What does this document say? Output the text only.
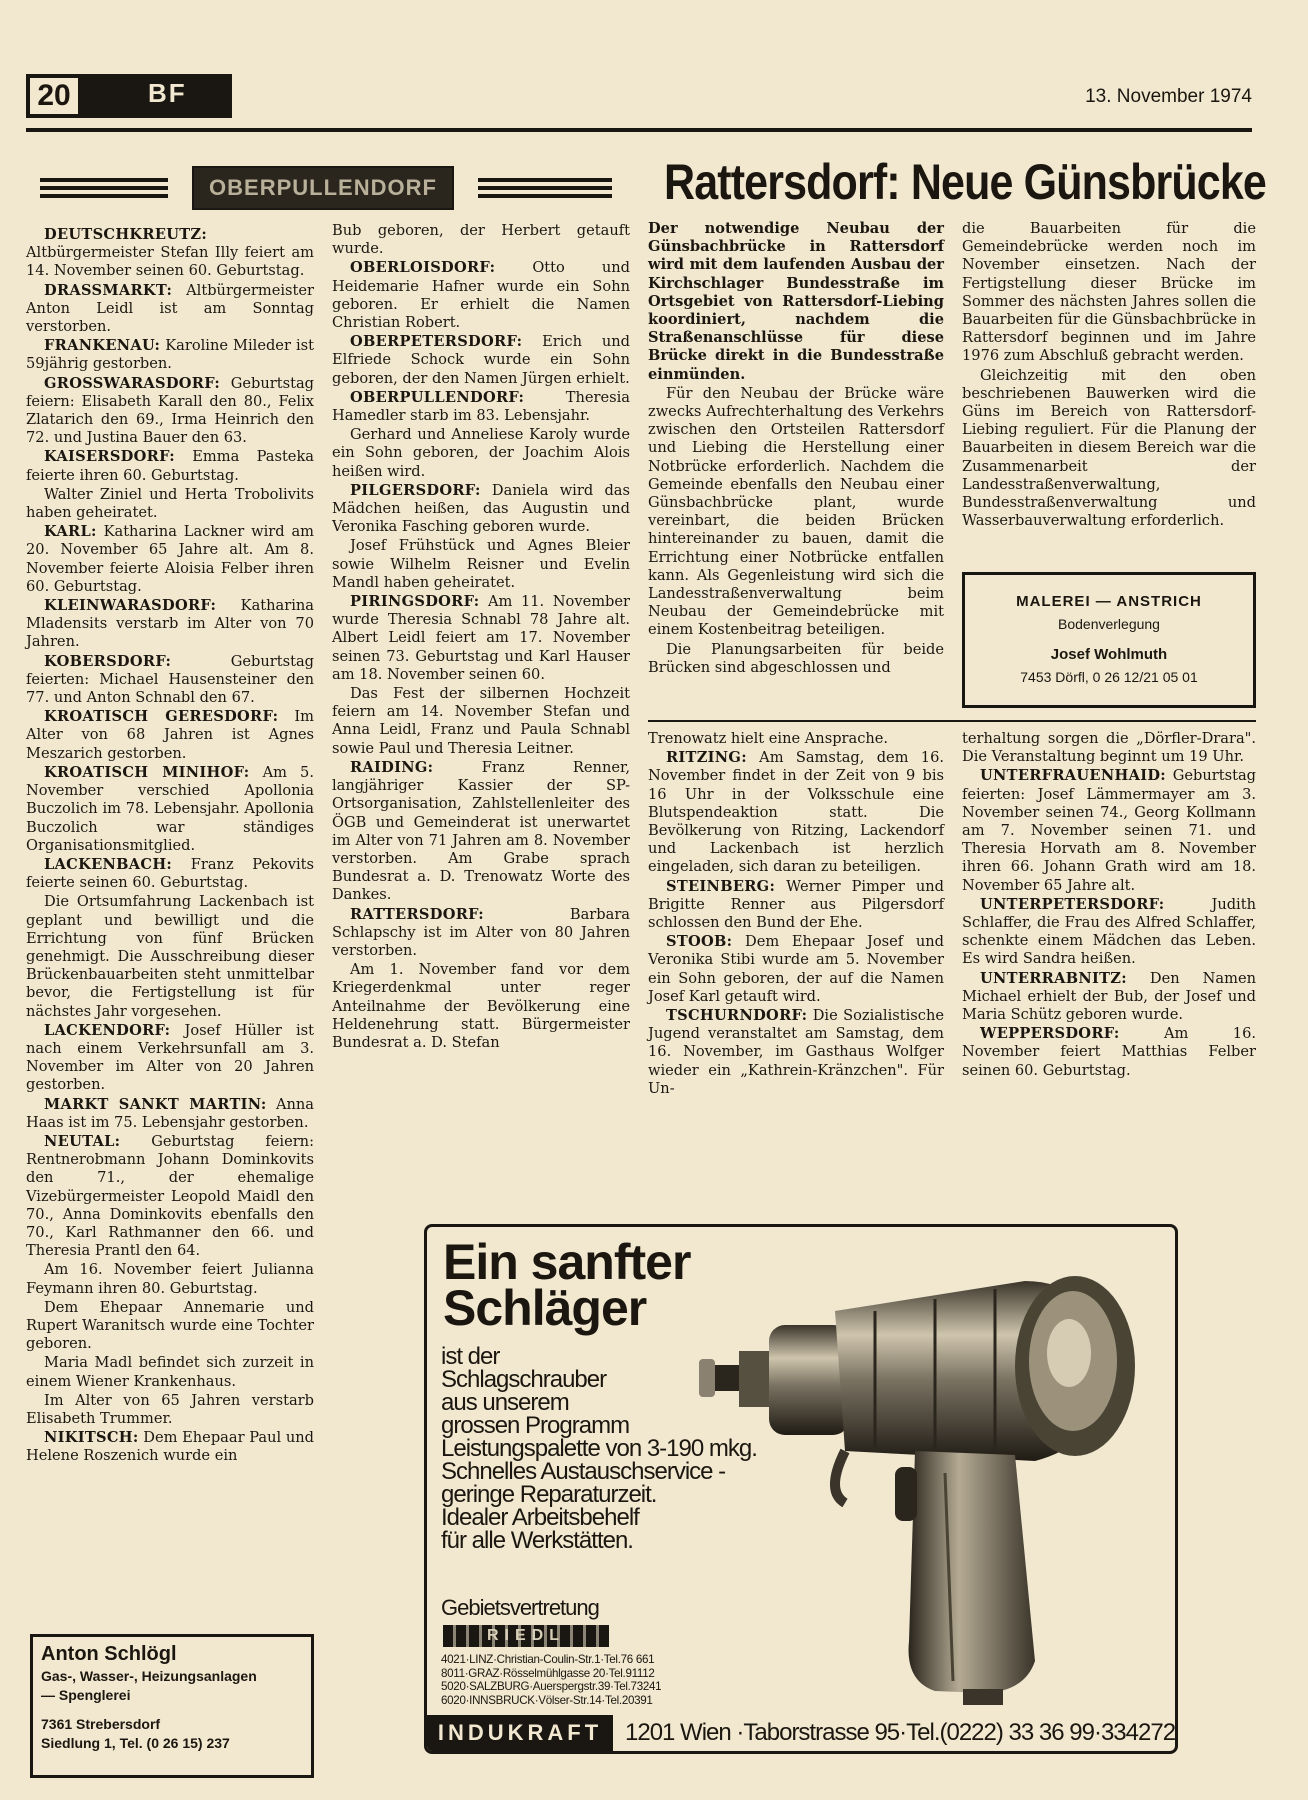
20	BF	13. November 1974
OBERPULLENDORF	Rattersdorf: Neue Günsbrücke

DEUTSCHKREUTZ: Altbürgermeister Stefan Illy feiert am 14. November seinen 60. Geburtstag.

DRASSMARKT: Altbürgermeister Anton Leidl ist am Sonntag verstorben.

FRANKENAU: Karoline Mileder ist 59jährig gestorben.

GROSSWARASDORF: Geburtstag feiern: Elisabeth Karall den 80., Felix Zlatarich den 69., Irma Heinrich den 72. und Justina Bauer den 63.

KAISERSDORF: Emma Pasteka feierte ihren 60. Geburtstag.

Walter Ziniel und Herta Trobolivits haben geheiratet.

KARL: Katharina Lackner wird am 20. November 65 Jahre alt. Am 8. November feierte Aloisia Felber ihren 60. Geburtstag.

KLEINWARASDORF: Katharina Mladensits verstarb im Alter von 70 Jahren.

KOBERSDORF: Geburtstag feierten: Michael Hausensteiner den 77. und Anton Schnabl den 67.

KROATISCH GERESDORF: Im Alter von 68 Jahren ist Agnes Meszarich gestorben.

KROATISCH MINIHOF: Am 5. November verschied Apollonia Buczolich im 78. Lebensjahr. Apollonia Buczolich war ständiges Organisationsmitglied.

LACKENBACH: Franz Pekovits feierte seinen 60. Geburtstag.

Die Ortsumfahrung Lackenbach ist geplant und bewilligt und die Errichtung von fünf Brücken genehmigt. Die Ausschreibung dieser Brückenbauarbeiten steht unmittelbar bevor, die Fertigstellung ist für nächstes Jahr vorgesehen.

LACKENDORF: Josef Hüller ist nach einem Verkehrsunfall am 3. November im Alter von 20 Jahren gestorben.

MARKT SANKT MARTIN: Anna Haas ist im 75. Lebensjahr gestorben.

NEUTAL: Geburtstag feiern: Rentnerobmann Johann Dominkovits den 71., der ehemalige Vizebürgermeister Leopold Maidl den 70., Anna Dominkovits ebenfalls den 70., Karl Rathmanner den 66. und Theresia Prantl den 64.

Am 16. November feiert Julianna Feymann ihren 80. Geburtstag.

Dem Ehepaar Annemarie und Rupert Waranitsch wurde eine Tochter geboren.

Maria Madl befindet sich zurzeit in einem Wiener Krankenhaus.

Im Alter von 65 Jahren verstarb Elisabeth Trummer.

NIKITSCH: Dem Ehepaar Paul und Helene Roszenich wurde ein

Bub geboren, der Herbert getauft wurde.

OBERLOISDORF: Otto und Heidemarie Hafner wurde ein Sohn geboren. Er erhielt die Namen Christian Robert.

OBERPETERSDORF: Erich und Elfriede Schock wurde ein Sohn geboren, der den Namen Jürgen erhielt.

OBERPULLENDORF: Theresia Hamedler starb im 83. Lebensjahr.

Gerhard und Anneliese Karoly wurde ein Sohn geboren, der Joachim Alois heißen wird.

PILGERSDORF: Daniela wird das Mädchen heißen, das Augustin und Veronika Fasching geboren wurde.

Josef Frühstück und Agnes Bleier sowie Wilhelm Reisner und Evelin Mandl haben geheiratet.

PIRINGSDORF: Am 11. November wurde Theresia Schnabl 78 Jahre alt. Albert Leidl feiert am 17. November seinen 73. Geburtstag und Karl Hauser am 18. November seinen 60.

Das Fest der silbernen Hochzeit feiern am 14. November Stefan und Anna Leidl, Franz und Paula Schnabl sowie Paul und Theresia Leitner.

RAIDING: Franz Renner, langjähriger Kassier der SP-Ortsorganisation, Zahlstellenleiter des ÖGB und Gemeinderat ist unerwartet im Alter von 71 Jahren am 8. November verstorben. Am Grabe sprach Bundesrat a. D. Trenowatz Worte des Dankes.

RATTERSDORF: Barbara Schlapschy ist im Alter von 80 Jahren verstorben.

Am 1. November fand vor dem Kriegerdenkmal unter reger Anteilnahme der Bevölkerung eine Heldenehrung statt. Bürgermeister Bundesrat a. D. Stefan

Der notwendige Neubau der Günsbachbrücke in Rattersdorf wird mit dem laufenden Ausbau der Kirchschlager Bundesstraße im Ortsgebiet von Rattersdorf-Liebing koordiniert, nachdem die Straßenanschlüsse für diese Brücke direkt in die Bundesstraße einmünden.

Für den Neubau der Brücke wäre zwecks Aufrechterhaltung des Verkehrs zwischen den Ortsteilen Rattersdorf und Liebing die Herstellung einer Notbrücke erforderlich. Nachdem die Gemeinde ebenfalls den Neubau einer Günsbachbrücke plant, wurde vereinbart, die beiden Brücken hintereinander zu bauen, damit die Errichtung einer Notbrücke entfallen kann. Als Gegenleistung wird sich die Landesstraßenverwaltung beim Neubau der Gemeindebrücke mit einem Kostenbeitrag beteiligen.

Die Planungsarbeiten für beide Brücken sind abgeschlossen und

die Bauarbeiten für die Gemeindebrücke werden noch im November einsetzen. Nach der Fertigstellung dieser Brücke im Sommer des nächsten Jahres sollen die Bauarbeiten für die Günsbachbrücke in Rattersdorf beginnen und im Jahre 1976 zum Abschluß gebracht werden.

Gleichzeitig mit den oben beschriebenen Bauwerken wird die Güns im Bereich von Rattersdorf-Liebing reguliert. Für die Planung der Bauarbeiten in diesem Bereich war die Zusammenarbeit der Landesstraßenverwaltung, Bundesstraßenverwaltung und Wasserbauverwaltung erforderlich.

MALEREI — ANSTRICH
Bodenverlegung
Josef Wohlmuth
7453 Dörfl, 0 26 12/21 05 01

Trenowatz hielt eine Ansprache.

RITZING: Am Samstag, dem 16. November findet in der Zeit von 9 bis 16 Uhr in der Volksschule eine Blutspendeaktion statt. Die Bevölkerung von Ritzing, Lackendorf und Lackenbach ist herzlich eingeladen, sich daran zu beteiligen.

STEINBERG: Werner Pimper und Brigitte Renner aus Pilgersdorf schlossen den Bund der Ehe.

STOOB: Dem Ehepaar Josef und Veronika Stibi wurde am 5. November ein Sohn geboren, der auf die Namen Josef Karl getauft wird.

TSCHURNDORF: Die Sozialistische Jugend veranstaltet am Samstag, dem 16. November, im Gasthaus Wolfger wieder ein „Kathrein-Kränzchen". Für Un-

terhaltung sorgen die „Dörfler-Drara". Die Veranstaltung beginnt um 19 Uhr.

UNTERFRAUENHAID: Geburtstag feierten: Josef Lämmermayer am 3. November seinen 74., Georg Kollmann am 7. November seinen 71. und Theresia Horvath am 8. November ihren 66. Johann Grath wird am 18. November 65 Jahre alt.

UNTERPETERSDORF: Judith Schlaffer, die Frau des Alfred Schlaffer, schenkte einem Mädchen das Leben. Es wird Sandra heißen.

UNTERRABNITZ: Den Namen Michael erhielt der Bub, der Josef und Maria Schütz geboren wurde.

WEPPERSDORF: Am 16. November feiert Matthias Felber seinen 60. Geburtstag.

Anton Schlögl
Gas-, Wasser-, Heizungsanlagen
— Spenglerei
7361 Strebersdorf
Siedlung 1, Tel. (0 26 15) 237
Ein sanfter
Schläger
ist der
Schlagschrauber
aus unserem
grossen Programm
Leistungspalette von 3-190 mkg.
Schnelles Austauschservice -
geringe Reparaturzeit.
Idealer Arbeitsbehelf
für alle Werkstätten.
Gebietsvertretung
RIEDL
4021·LINZ·Christian-Coulin-Str.1·Tel.76 661
8011·GRAZ·Rösselmühlgasse 20·Tel.91112
5020·SALZBURG·Auerspergstr.39·Tel.73241
6020·INNSBRUCK·Völser-Str.14·Tel.20391
INDUKRAFT 1201 Wien ·Taborstrasse 95·Tel.(0222) 33 36 99·334272
